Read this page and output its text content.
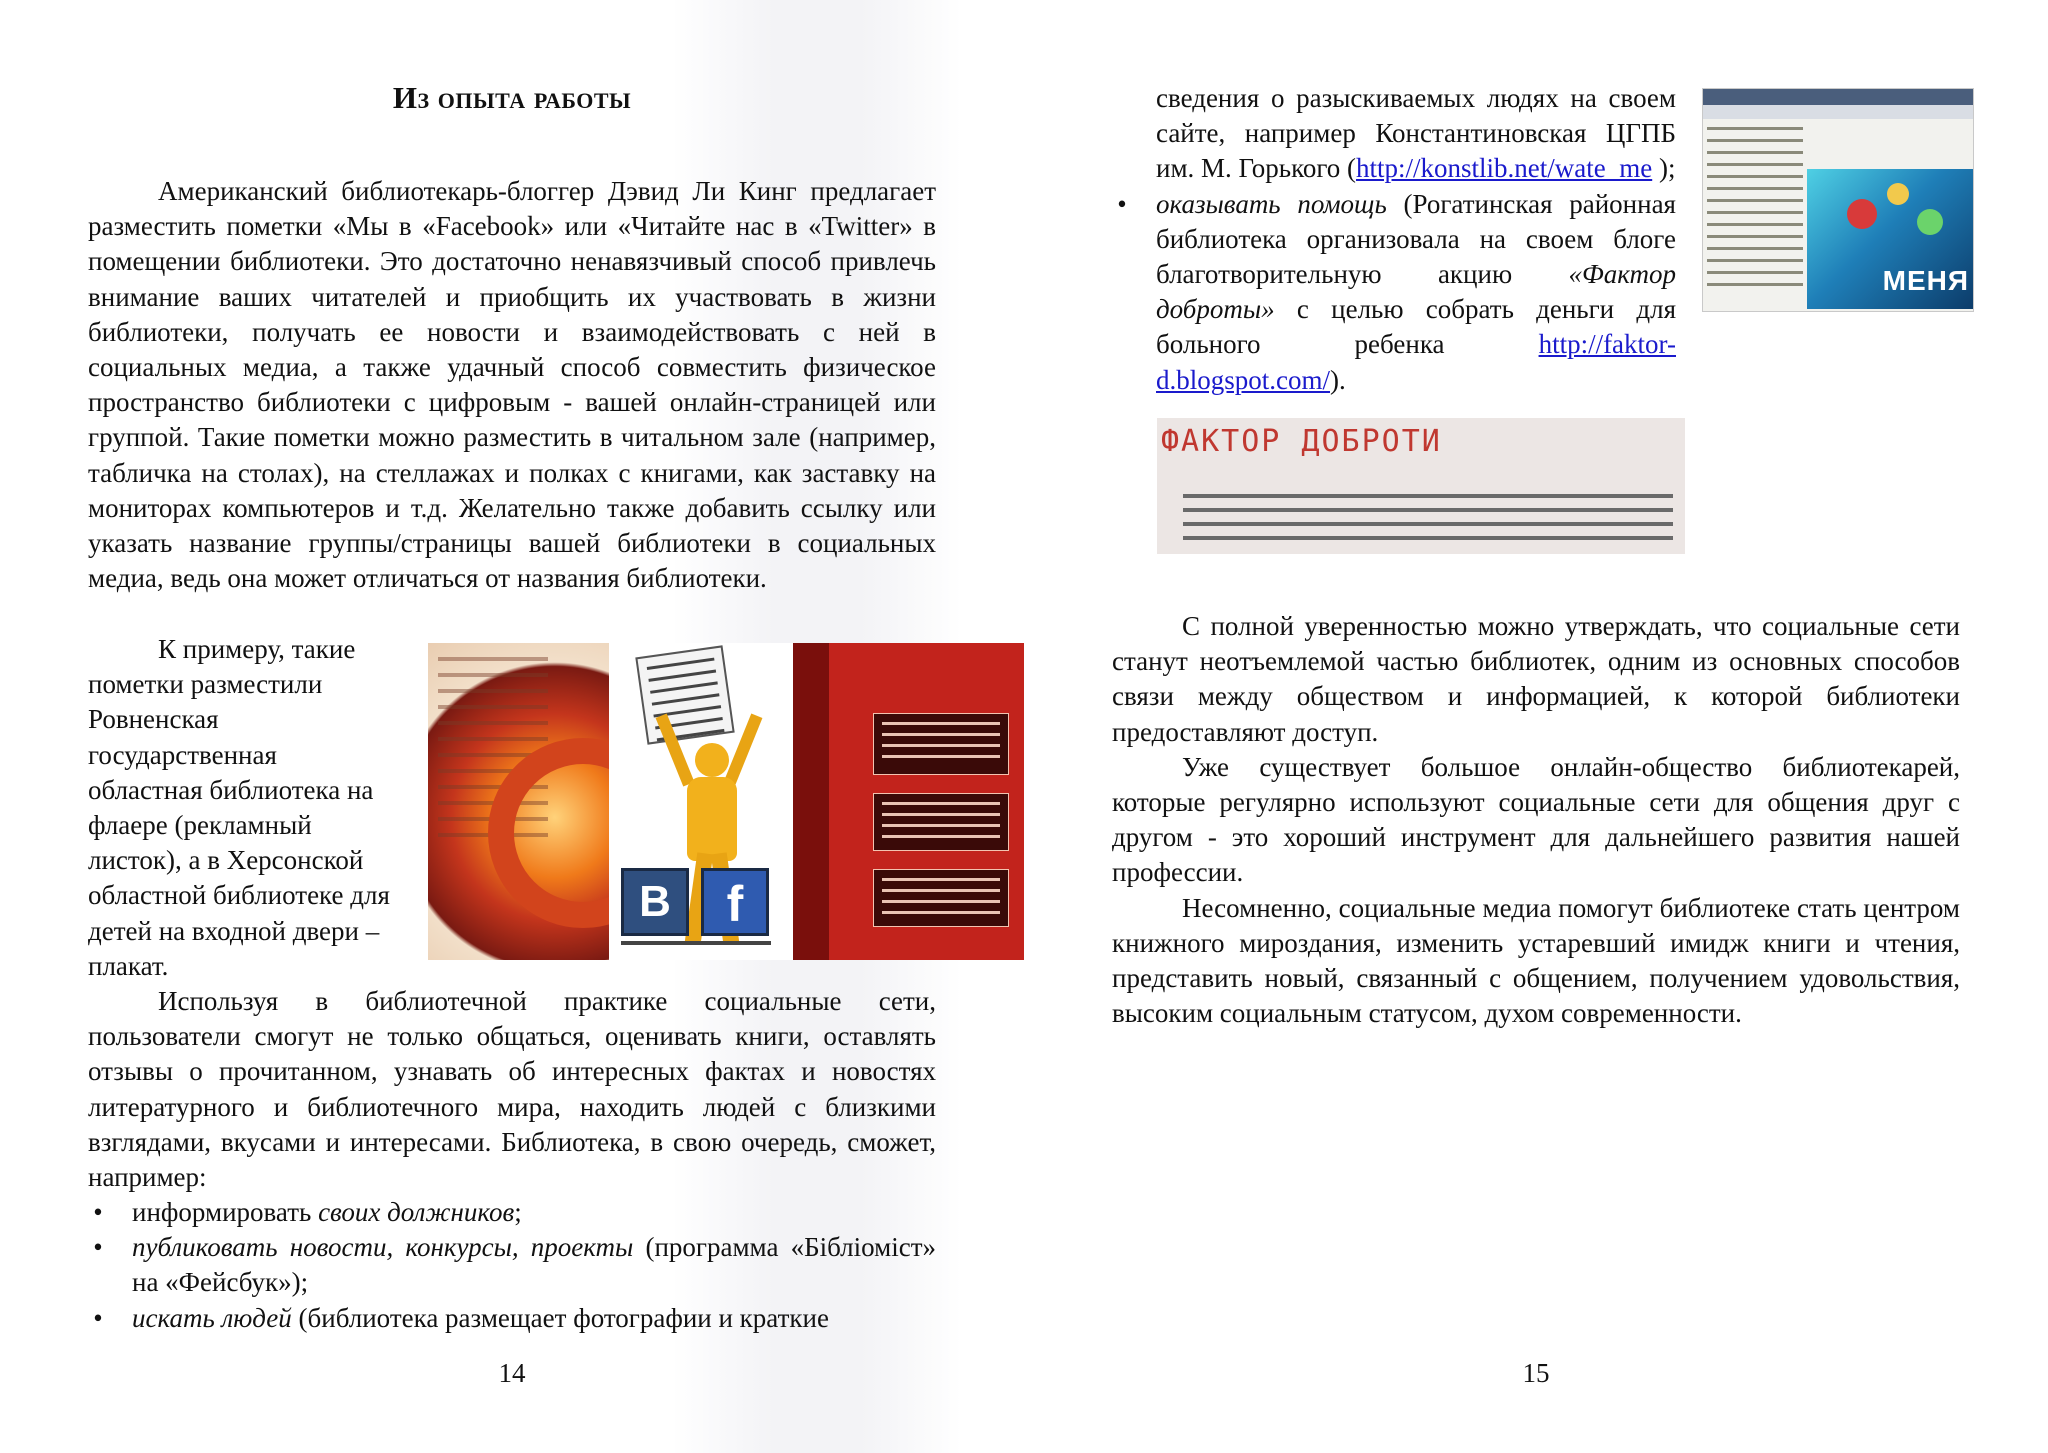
Из опыта работы

Американский библиотекарь-блоггер Дэвид Ли Кинг предлагает разместить пометки «Мы в «Facebook» или «Читайте нас в «Twitter» в помещении библиотеки. Это достаточно ненавязчивый способ привлечь внимание ваших читателей и приобщить их участвовать в жизни библиотеки, получать ее новости и взаимодействовать с ней в социальных медиа, а также удачный способ совместить физическое пространство библиотеки с цифровым - вашей онлайн-страницей или группой. Такие пометки можно разместить в читальном зале (например, табличка на столах), на стеллажах и полках с книгами, как заставку на мониторах компьютеров и т.д. Желательно также добавить ссылку или указать название группы/страницы вашей библиотеки в социальных медиа, ведь она может отличаться от названия библиотеки.

К примеру, такие пометки разместили Ровненская государственная областная библиотека на флаере (рекламный листок), а в Херсонской областной библиотеке для детей на входной двери – плакат.

B	f

Используя в библиотечной практике социальные сети, пользователи смогут не только общаться, оценивать книги, оставлять отзывы о прочитанном, узнавать об интересных фактах и новостях литературного и библиотечного мира, находить людей с близкими взглядами, вкусами и интересами. Библиотека, в свою очередь, сможет, например:

• информировать своих должников;
• публиковать новости, конкурсы, проекты (программа «Бібліоміст» на «Фейсбук»);
• искать людей (библиотека размещает фотографии и краткие
14

сведения о разыскиваемых людях на своем сайте, например Константиновская ЦГПБ им. М. Горького (http://konstlib.net/wate_me );

• оказывать помощь (Рогатинская районная библиотека организовала на своем блоге благотворительную акцию «Фактор доброты» с целью собрать деньги для больного ребенка http://faktor-d.blogspot.com/).
МЕНЯ
ФАКТОР ДОБРОТИ

С полной уверенностью можно утверждать, что социальные сети станут неотъемлемой частью библиотек, одним из основных способов связи между обществом и информацией, к которой библиотеки предоставляют доступ.

Уже существует большое онлайн-общество библиотекарей, которые регулярно используют социальные сети для общения друг с другом - это хороший инструмент для дальнейшего развития нашей профессии.

Несомненно, социальные медиа помогут библиотеке стать центром книжного мироздания, изменить устаревший имидж книги и чтения, представить новый, связанный с общением, получением удовольствия, высоким социальным статусом, духом современности.

15
